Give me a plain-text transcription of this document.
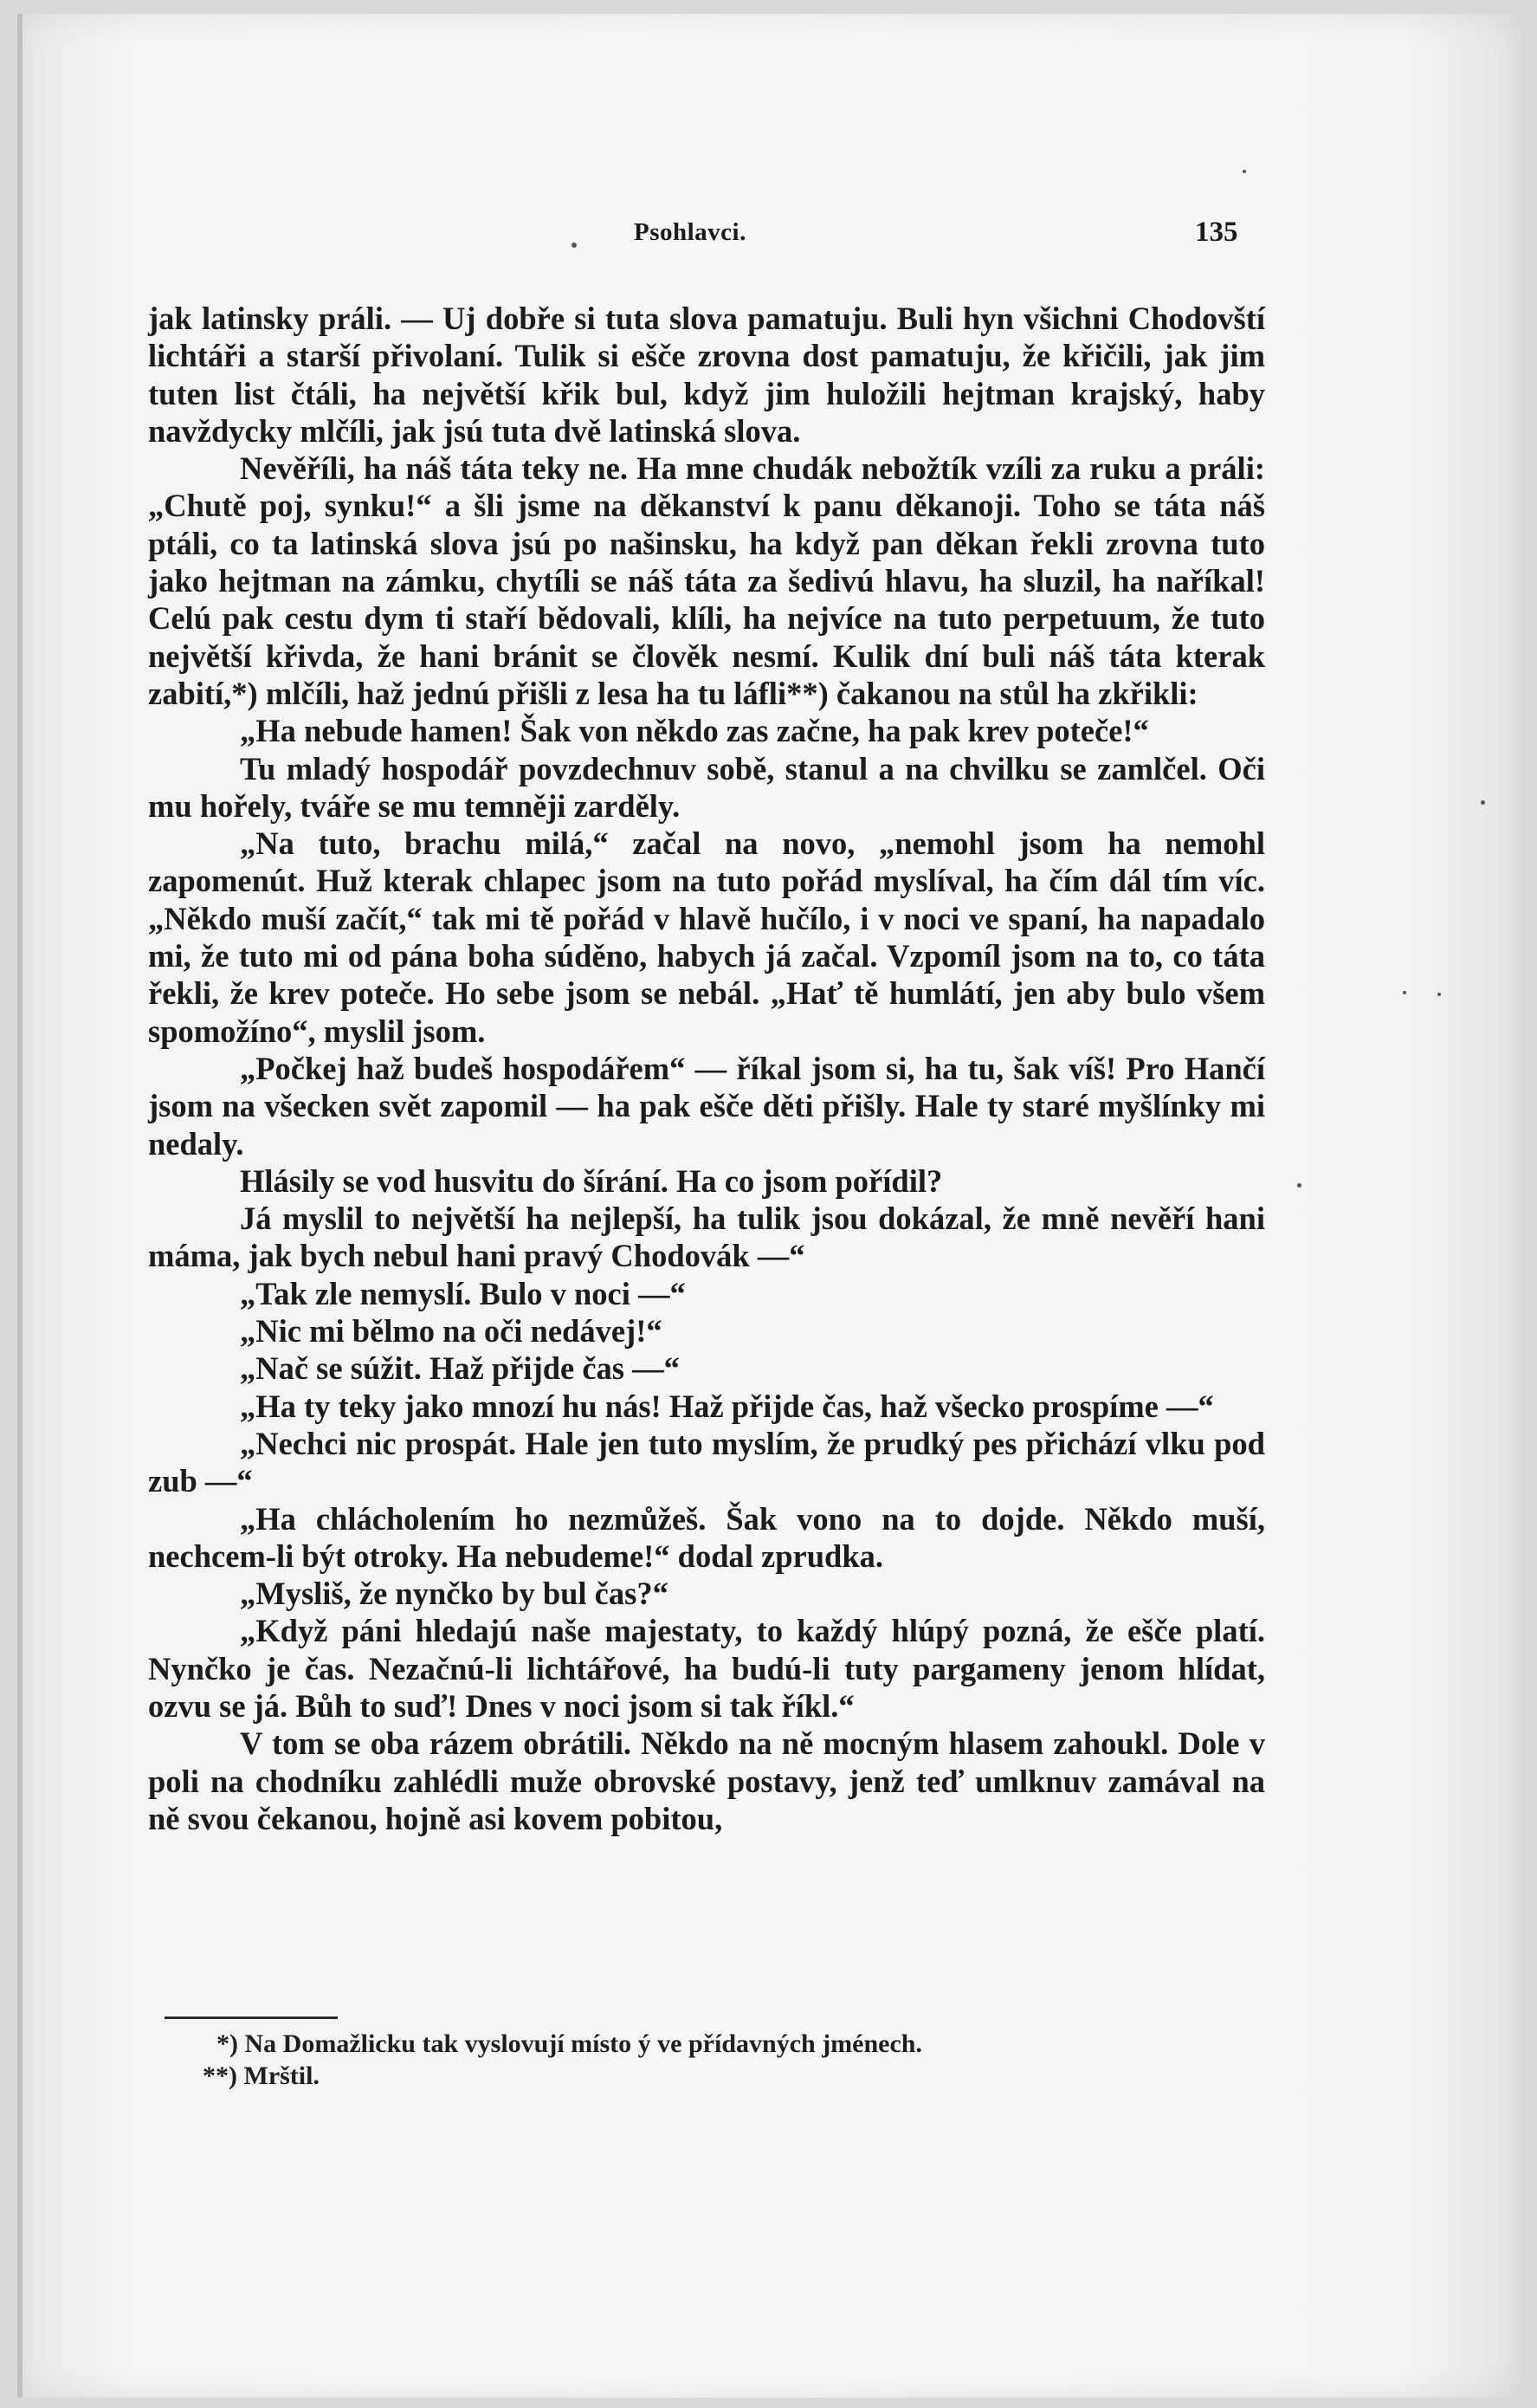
Psohlavci.	135

jak latinsky práli. — Uj dobře si tuta slova pamatuju. Buli hyn všichni Chodovští lichtáři a starší přivolaní. Tulik si ešče zrovna dost pamatuju, že křičili, jak jim tuten list čtáli, ha největší křik bul, když jim huložili hejtman krajský, haby navždycky mlčíli, jak jsú tuta dvě latinská slova.

Nevěříli, ha náš táta teky ne. Ha mne chudák nebožtík vzíli za ruku a práli: „Chutě poj, synku!“ a šli jsme na děkanství k panu děkanoji. Toho se táta náš ptáli, co ta latinská slova jsú po našinsku, ha když pan děkan řekli zrovna tuto jako hejtman na zámku, chytíli se náš táta za šedivú hlavu, ha sluzil, ha naříkal! Celú pak cestu dym ti staří bědovali, klíli, ha nejvíce na tuto perpetuum, že tuto největší křivda, že hani bránit se člověk nesmí. Kulik dní buli náš táta kterak zabití,*) mlčíli, haž jednú přišli z lesa ha tu láfli**) čakanou na stůl ha zkřikli:

„Ha nebude hamen! Šak von někdo zas začne, ha pak krev poteče!“

Tu mladý hospodář povzdechnuv sobě, stanul a na chvilku se zamlčel. Oči mu hořely, tváře se mu temněji zarděly.

„Na tuto, brachu milá,“ začal na novo, „nemohl jsom ha nemohl zapomenút. Huž kterak chlapec jsom na tuto pořád myslíval, ha čím dál tím víc. „Někdo muší začít,“ tak mi tě pořád v hlavě hučílo, i v noci ve spaní, ha napadalo mi, že tuto mi od pána boha súděno, habych já začal. Vzpomíl jsom na to, co táta řekli, že krev poteče. Ho sebe jsom se nebál. „Hať tě humlátí, jen aby bulo všem spomožíno“, myslil jsom.

„Počkej haž budeš hospodářem“ — říkal jsom si, ha tu, šak víš! Pro Hančí jsom na všecken svět zapomil — ha pak ešče děti přišly. Hale ty staré myšlínky mi nedaly.

Hlásily se vod husvitu do šírání. Ha co jsom pořídil?

Já myslil to největší ha nejlepší, ha tulik jsou dokázal, že mně nevěří hani máma, jak bych nebul hani pravý Chodovák —“

„Tak zle nemyslí. Bulo v noci —“

„Nic mi bělmo na oči nedávej!“

„Nač se súžit. Haž přijde čas —“

„Ha ty teky jako mnozí hu nás! Haž přijde čas, haž všecko prospíme —“

„Nechci nic prospát. Hale jen tuto myslím, že prudký pes přichází vlku pod zub —“

„Ha chlácholením ho nezmůžeš. Šak vono na to dojde. Někdo muší, nechcem-li být otroky. Ha nebudeme!“ dodal zprudka.

„Mysliš, že nynčko by bul čas?“

„Když páni hledajú naše majestaty, to každý hlúpý pozná, že ešče platí. Nynčko je čas. Nezačnú-li lichtářové, ha budú-li tuty pargameny jenom hlídat, ozvu se já. Bůh to suď! Dnes v noci jsom si tak říkl.“

V tom se oba rázem obrátili. Někdo na ně mocným hlasem zahoukl. Dole v poli na chodníku zahlédli muže obrovské postavy, jenž teď umlknuv zamával na ně svou čekanou, hojně asi kovem pobitou,

*) Na Domažlicku tak vyslovují místo ý ve přídavných jménech.

**) Mrštil.
